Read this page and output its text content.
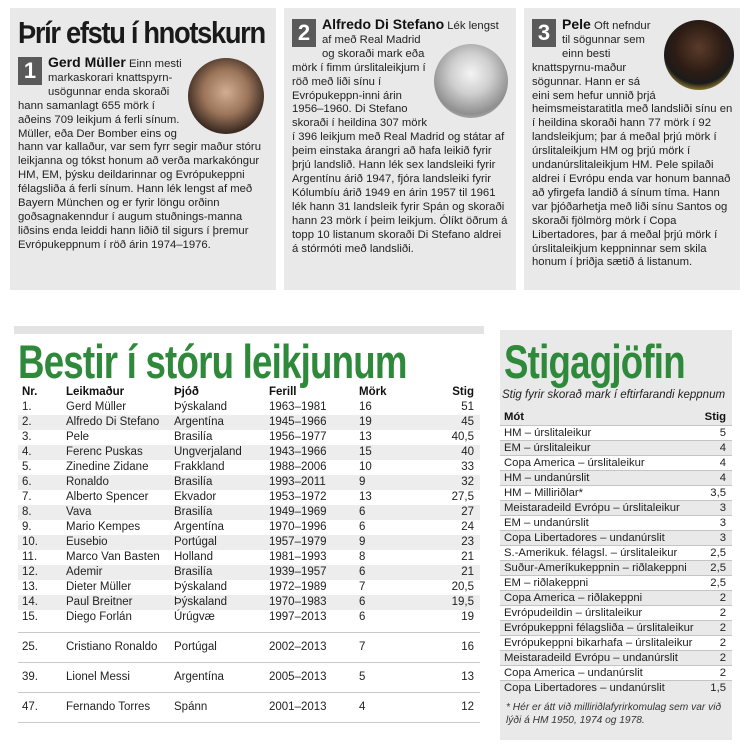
Þrír efstu í hnotskurn
1 Gerd Müller Einn mesti markaskorari knattspyrn-usögunnar enda skoraði hann samanlagt 655 mörk í aðeins 709 leikjum á ferli sínum. Müller, eða Der Bomber eins og hann var kallaður, var sem fyrr segir maður stóru leikjanna og tókst honum að verða markakóngur HM, EM, þýsku deildarinnar og Evrópukeppni félagsliða á ferli sínum. Hann lék lengst af með Bayern München og er fyrir löngu orðinn goðsagnakenndur í augum stuðnings-manna liðsins enda leiddi hann liðið til sigurs í þremur Evrópukeppnum í röð árin 1974–1976.
2 Alfredo Di Stefano Lék lengst af með Real Madrid og skoraði mark eða mörk í fimm úrslitaleikjum í röð með liði sínu í Evrópukeppn-inni árin 1956–1960. Di Stefano skoraði í heildina 307 mörk í 396 leikjum með Real Madrid og státar af þeim einstaka árangri að hafa leikið fyrir þrjú landslið. Hann lék sex landsleiki fyrir Argentínu árið 1947, fjóra landsleiki fyrir Kólumbíu árið 1949 en árin 1957 til 1961 lék hann 31 landsleik fyrir Spán og skoraði hann 23 mörk í þeim leikjum. Ólíkt öðrum á topp 10 listanum skoraði Di Stefano aldrei á stórmóti með landsliði.
3 Pele Oft nefndur til sögunnar sem einn besti knattspyrnu-maður sögunnar. Hann er sá eini sem hefur unnið þrjá heimsmeistaratitla með landsliði sínu en í heildina skoraði hann 77 mörk í 92 landsleikjum; þar á meðal þrjú mörk í úrslitaleikjum HM og þrjú mörk í undanúrslitaleikjum HM. Pele spilaði aldrei í Evrópu enda var honum bannað að yfirgefa landið á sínum tíma. Hann var þjóðarhetja með liði sínu Santos og skoraði fjölmörg mörk í Copa Libertadores, þar á meðal þrjú mörk í úrslitaleikjum keppninnar sem skila honum í þriðja sætið á listanum.
Bestir í stóru leikjunum
Nr. Leikmaður	Þjóð	Ferill	Mörk	Stig
1.	Gerd Müller	Þýskaland	1963–1981	16	51
2.	Alfredo Di Stefano Argentína	1945–1966	19	45
3.	Pele	Brasilía	1956–1977	13	40,5
4.	Ferenc Puskas	Ungverjaland 1943–1966	15	40
5.	Zinedine Zidane Frakkland	1988–2006	10	33
6.	Ronaldo	Brasilía	1993–2011	9	32
7.	Alberto Spencer Ekvador	1953–1972	13	27,5
8.	Vava	Brasilía	1949–1969	6	27
9.	Mario Kempes	Argentína	1970–1996	6	24
10. Eusebio	Portúgal	1957–1979	9	23
11.	Marco Van Basten Holland	1981–1993	8	21
12. Ademir	Brasilía	1939–1957	6	21
13. Dieter Müller	Þýskaland	1972–1989	7	20,5
14. Paul Breitner	Þýskaland	1970–1983	6	19,5
15. Diego Forlán	Úrúgvæ	1997–2013	6	19
25. Cristiano Ronaldo Portúgal	2002–2013	7	16
39. Lionel Messi	Argentína	2005–2013	5	13
47. Fernando Torres Spánn	2001–2013	4	12
Stigagjöfin
Stig fyrir skorað mark í eftirfarandi keppnum
Mót	Stig
HM – úrslitaleikur	5
EM – úrslitaleikur	4
Copa America – úrslitaleikur	4
HM – undanúrslit	4
HM – Milliriðlar*	3,5
Meistaradeild Evrópu – úrslitaleikur	3
EM – undanúrslit	3
Copa Libertadores – undanúrslit	3
S.-Amerikuk. félagsl. – úrslitaleikur	2,5
Suður-Ameríkukeppnin – riðlakeppni 2,5
EM – riðlakeppni	2,5
Copa America – riðlakeppni	2
Evrópudeildin – úrslitaleikur	2
Evrópukeppni félagsliða – úrslitaleikur 2
Evrópukeppni bikarhafa – úrslitaleikur 2
Meistaradeild Evrópu – undanúrslit	2
Copa America – undanúrslit	2
Copa Libertadores – undanúrslit	1,5
* Hér er átt við milliriðlafyrirkomulag sem var við lýði á HM 1950, 1974 og 1978.
